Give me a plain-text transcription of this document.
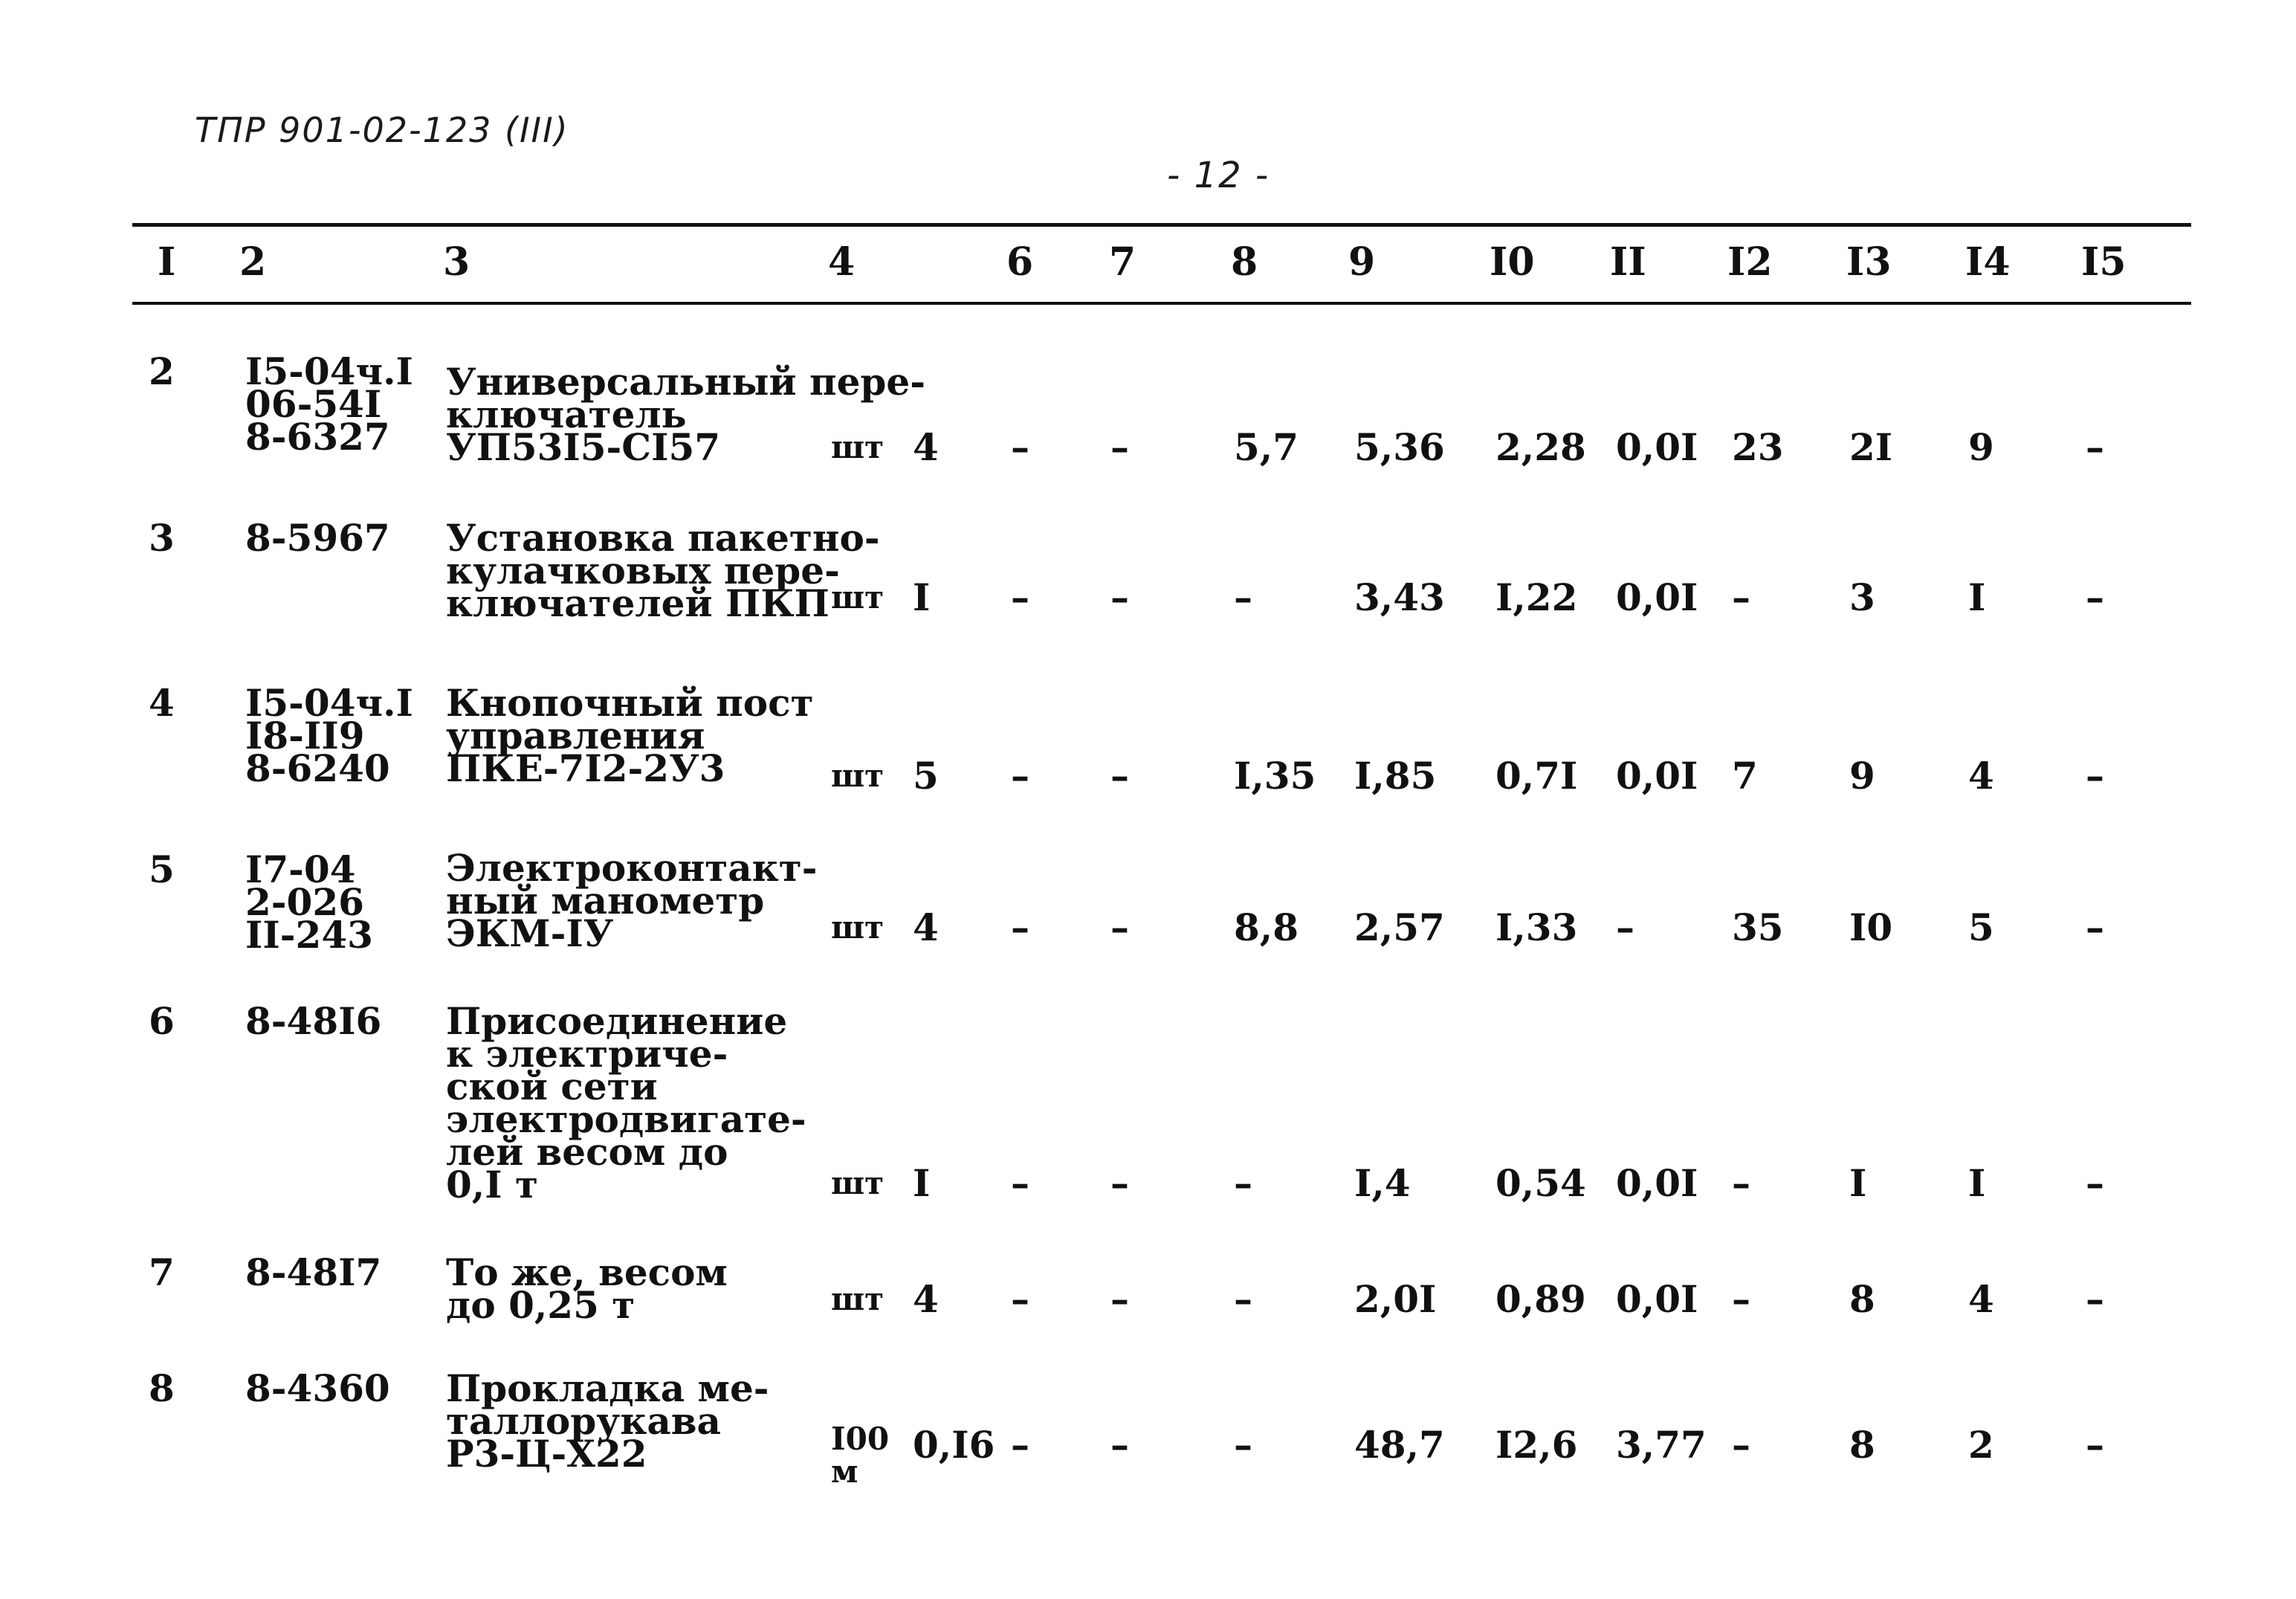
ТПР 901-02-123 (III)
- 12 -
I 2	3	4	6 7 8 9	I0 II I2 I3 I4 I5
2 I5-04ч.I
06-54I
8-6327
Универсальный пере-
ключатель
УП53I5-CI57	шт 4 – –	5,7 5,36 2,28 0,0I 23 2I 9 –
3 8-5967 Установка пакетно-
кулачковых пере-
ключателей ПКП шт I – –	–	3,43 I,22 0,0I –	3	I	–
4 I5-04ч.I
I8-II9
8-6240
Кнопочный пост
управления
ПКЕ-7I2-2У3	шт 5 – –	I,35 I,85 0,7I 0,0I 7 9	4 –
5 I7-04
2-026
II-243
Электроконтакт-
ный манометр
ЭКМ-IУ	шт 4 – –	8,8 2,57 I,33 –	35 I0 5 –
6 8-48I6 Присоединение
к электриче-
ской сети
электродвигате-
лей весом до
0,I т	шт I – –	–	I,4 0,54 0,0I –	I	I	–
7 8-48I7 То же, весом
до 0,25 т	шт 4 – –	–	2,0I 0,89 0,0I –	8	4 –
8 8-4360 Прокладка ме-
таллорукава
Р3-Ц-Х22	I00
м
0,I6 – –	–	48,7 I2,6 3,77 –	8	2 –
